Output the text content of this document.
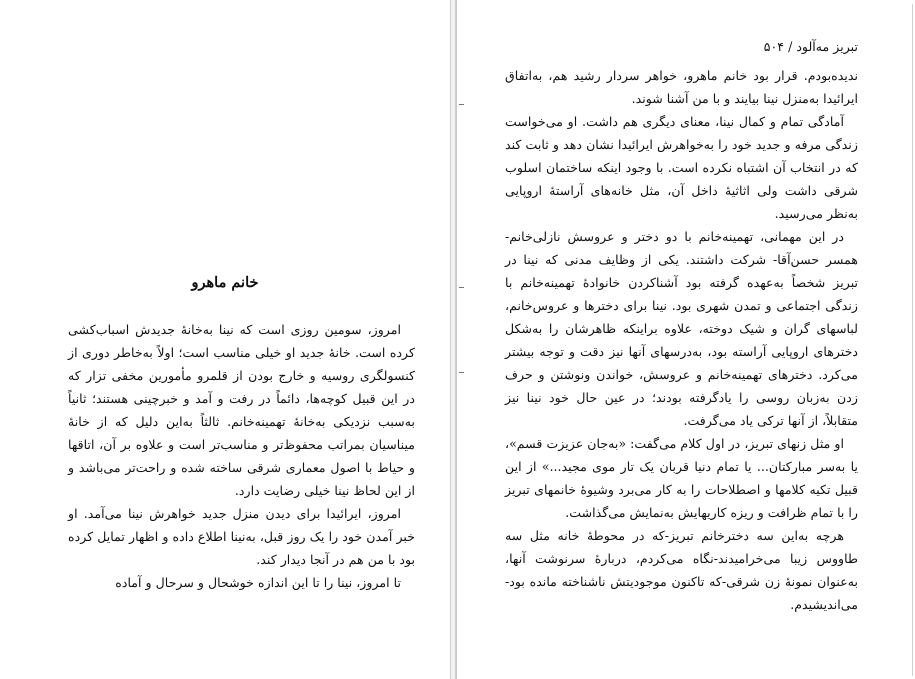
خانم ماهرو

امروز، سومین روزی است که نینا به‌خانهٔ جدیدش اسباب‌کشی کرده است. خانهٔ جدید او خیلی مناسب است؛ اولاً به‌خاطر دوری از کنسولگری روسیه و خارج بودن از قلمرو مأمورین مخفی تزار که در این قبیل کوچه‌ها، دائماً در رفت و آمد و خبرچینی هستند؛ ثانیاً به‌سبب نزدیکی به‌خانهٔ تهمینه‌خانم. ثالثاً به‌این دلیل که از خانهٔ میناسیان بمراتب محفوظ‌تر و مناسب‌تر است و علاوه بر آن، اتاقها و حیاط با اصول معماری شرقی ساخته شده و راحت‌تر می‌باشد و از این لحاظ نینا خیلی رضایت دارد.

امروز، ایرائیدا برای دیدن منزل جدید خواهرش نینا می‌آمد. او خبر آمدن خود را یک روز قبل، به‌نینا اطلاع داده و اظهار تمایل کرده بود با من هم در آنجا دیدار کند.

تا امروز، نینا را تا این اندازه خوشحال و سرحال و آماده

تبریز مه‌آلود / ۵۰۴

ندیده‌بودم. قرار بود خانم ماهرو، خواهر سردار رشید هم، به‌اتفاق ایرائیدا به‌منزل نینا بیایند و با من آشنا شوند.

آمادگی تمام و کمال نینا، معنای دیگری هم داشت. او می‌خواست زندگی مرفه و جدید خود را به‌خواهرش ایرائیدا نشان دهد و ثابت کند که در انتخاب آن اشتباه نکرده است. با وجود اینکه ساختمان اسلوب شرقی داشت ولی اثاثیهٔ داخل آن، مثل خانه‌های آراستهٔ اروپایی به‌نظر می‌رسید.

در این مهمانی، تهمینه‌خانم با دو دختر و عروسش نازلی‌خانم- همسر حسن‌آقا- شرکت داشتند. یکی از وظایف مدنی که نینا در تبریز شخصاً به‌عهده گرفته بود آشناکردن خانوادهٔ تهمینه‌خانم با زندگی اجتماعی و تمدن شهری بود. نینا برای دخترها و عروس‌خانم، لباسهای گران و شیک دوخته، علاوه براینکه ظاهرشان را به‌شکل دخترهای اروپایی آراسته بود، به‌درسهای آنها نیز دقت و توجه بیشتر می‌کرد. دخترهای تهمینه‌خانم و عروسش، خواندن ونوشتن و حرف زدن به‌زبان روسی را یادگرفته بودند؛ در عین حال خود نینا نیز متقابلاً، از آنها ترکی یاد می‌گرفت.

او مثل زنهای تبریز، در اول کلام می‌گفت: «به‌جان عزیزت قسم»، یا به‌سر مبارکتان... یا تمام دنیا قربان یک تار موی مجید...» از این قبیل تکیه کلامها و اصطلاحات را به کار می‌برد وشیوهٔ خانمهای تبریز را با تمام ظرافت و ریزه کاریهایش به‌نمایش می‌گذاشت.

هرچه به‌این سه دخترخانم تبریز-که در محوطهٔ خانه مثل سه طاووس زیبا می‌خرامیدند-نگاه می‌کردم، دربارهٔ سرنوشت آنها، به‌عنوان نمونهٔ زن شرقی-که تاکنون موجودیتش ناشناخته مانده بود-می‌اندیشیدم.
